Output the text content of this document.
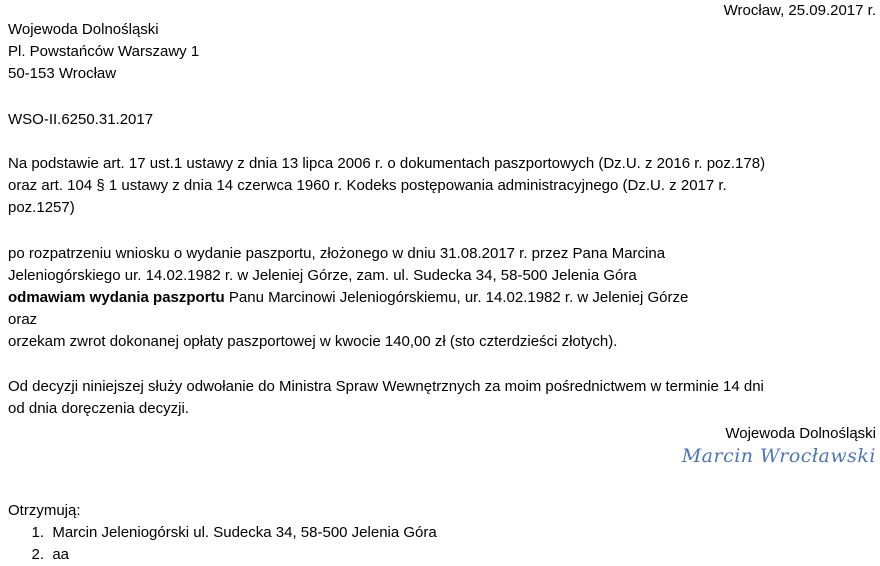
Wrocław, 25.09.2017 r.
Wojewoda Dolnośląski
Pl. Powstańców Warszawy 1
50-153 Wrocław
WSO-II.6250.31.2017
Na podstawie art. 17 ust.1 ustawy z dnia 13 lipca 2006 r. o dokumentach paszportowych (Dz.U. z 2016 r. poz.178)
oraz art. 104 § 1 ustawy z dnia 14 czerwca 1960 r. Kodeks postępowania administracyjnego (Dz.U. z 2017 r.
poz.1257)
po rozpatrzeniu wniosku o wydanie paszportu, złożonego w dniu 31.08.2017 r. przez Pana Marcina
Jeleniogórskiego ur. 14.02.1982 r. w Jeleniej Górze, zam. ul. Sudecka 34, 58-500 Jelenia Góra
odmawiam wydania paszportu Panu Marcinowi Jeleniogórskiemu, ur. 14.02.1982 r. w Jeleniej Górze
oraz
orzekam zwrot dokonanej opłaty paszportowej w kwocie 140,00 zł (sto czterdzieści złotych).
Od decyzji niniejszej służy odwołanie do Ministra Spraw Wewnętrznych za moim pośrednictwem w terminie 14 dni
od dnia doręczenia decyzji.
Wojewoda Dolnośląski
Marcin Wrocławski
Otrzymują:
1. Marcin Jeleniogórski ul. Sudecka 34, 58-500 Jelenia Góra
2. aa
